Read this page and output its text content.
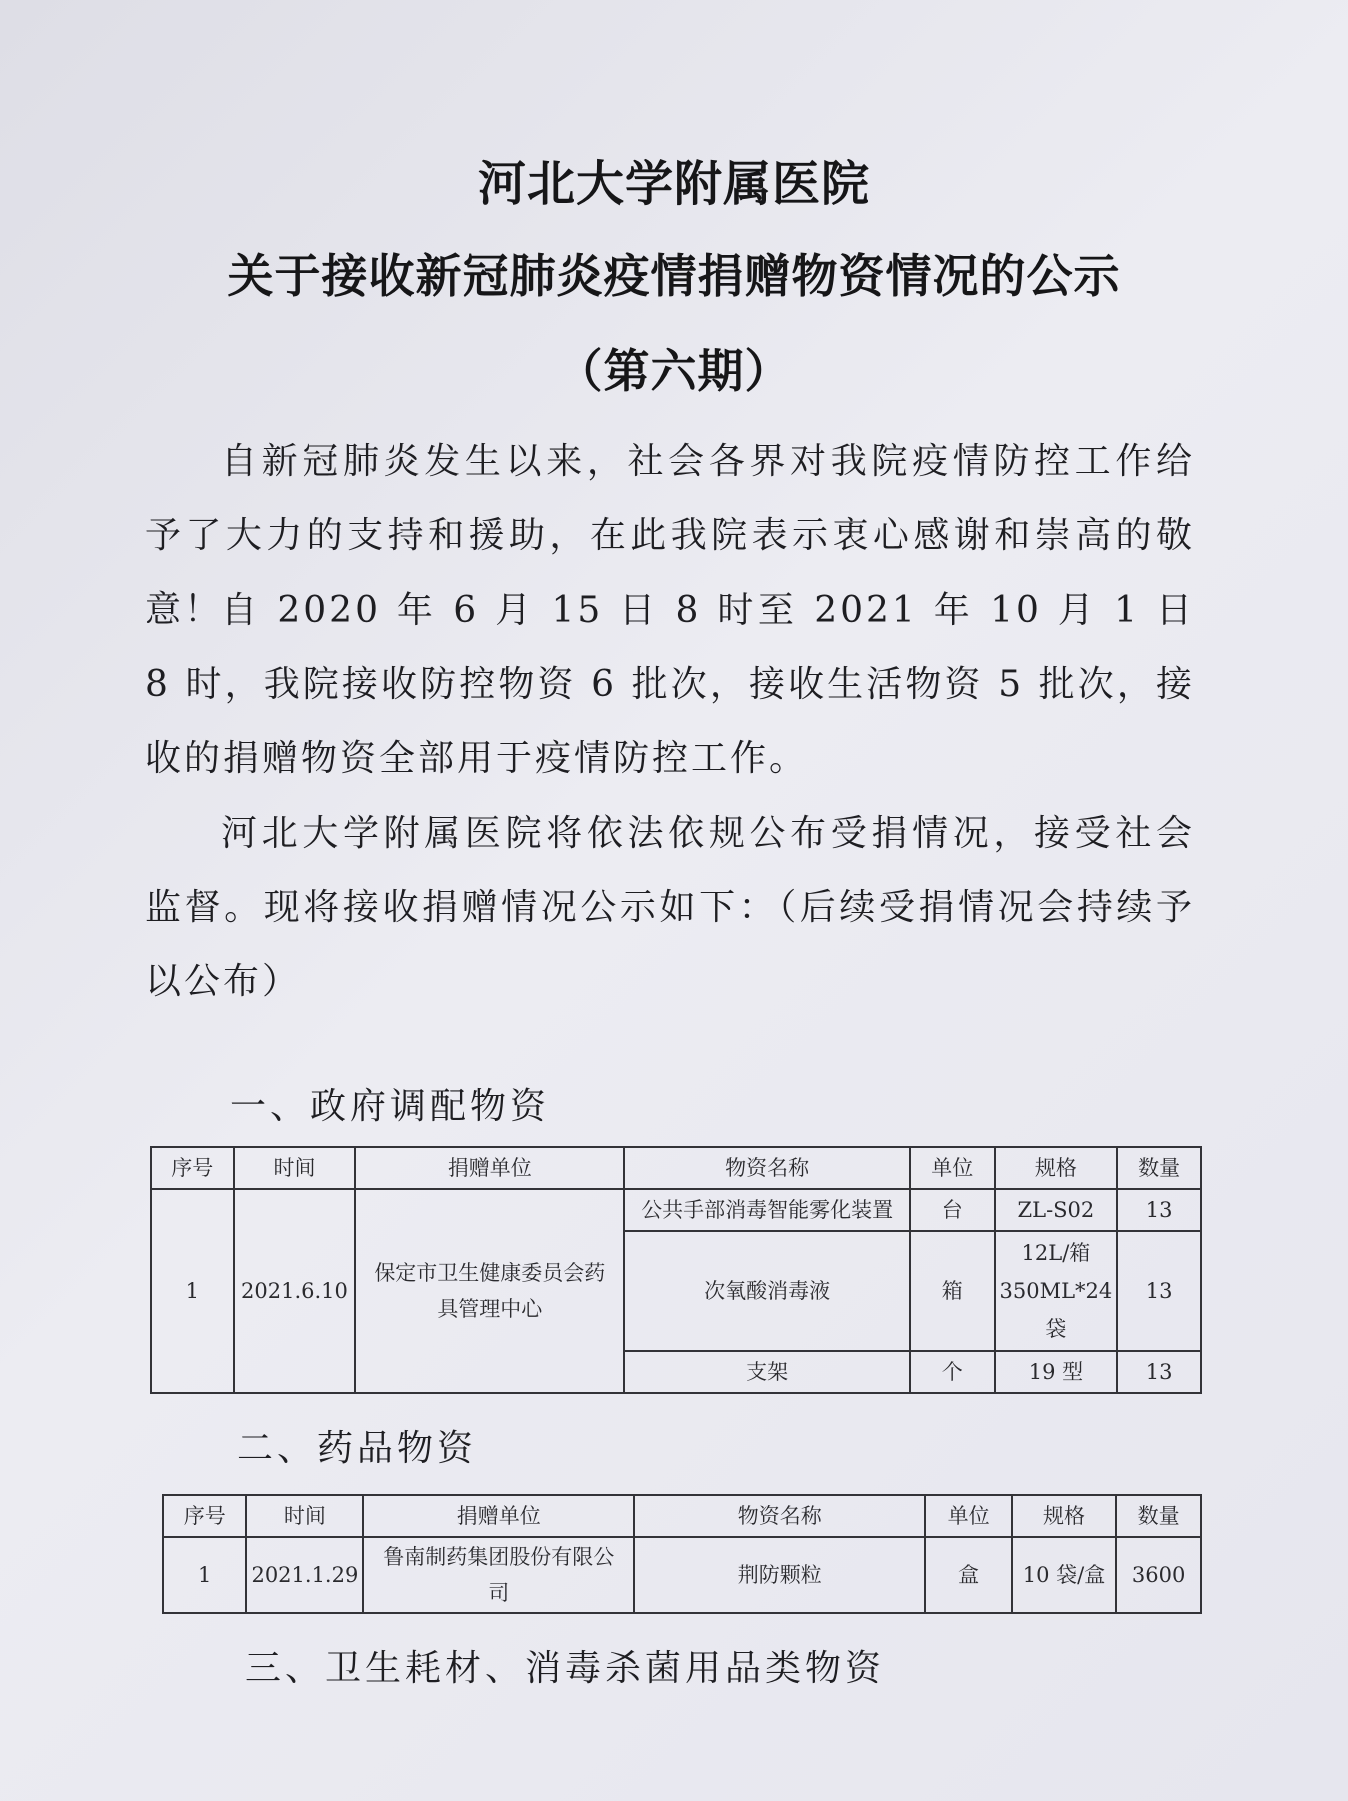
河北大学附属医院
关于接收新冠肺炎疫情捐赠物资情况的公示
（第六期）

自新冠肺炎发生以来，社会各界对我院疫情防控工作给予了大力的支持和援助，在此我院表示衷心感谢和崇高的敬意！

自 2020 年 6 月 15 日 8 时至 2021 年 10 月 1 日 8 时，我院接收防控物资 6 批次，接收生活物资 5 批次，接收的捐赠物资全部用于疫情防控工作。

河北大学附属医院将依法依规公布受捐情况，接受社会监督。现将接收捐赠情况公示如下：（后续受捐情况会持续予以公布）

一、政府调配物资

序号	时间	捐赠单位	物资名称	单位	规格	数量
1	2021.6.10	保定市卫生健康委员会药具管理中心	公共手部消毒智能雾化装置	台	ZL-S02	13
			次氧酸消毒液	箱	12L/箱350ML*24 袋	13
			支架	个	19 型	13

二、药品物资

序号	时间	捐赠单位	物资名称	单位	规格	数量
1	2021.1.29	鲁南制药集团股份有限公司	荆防颗粒	盒	10 袋/盒	3600

三、卫生耗材、消毒杀菌用品类物资
